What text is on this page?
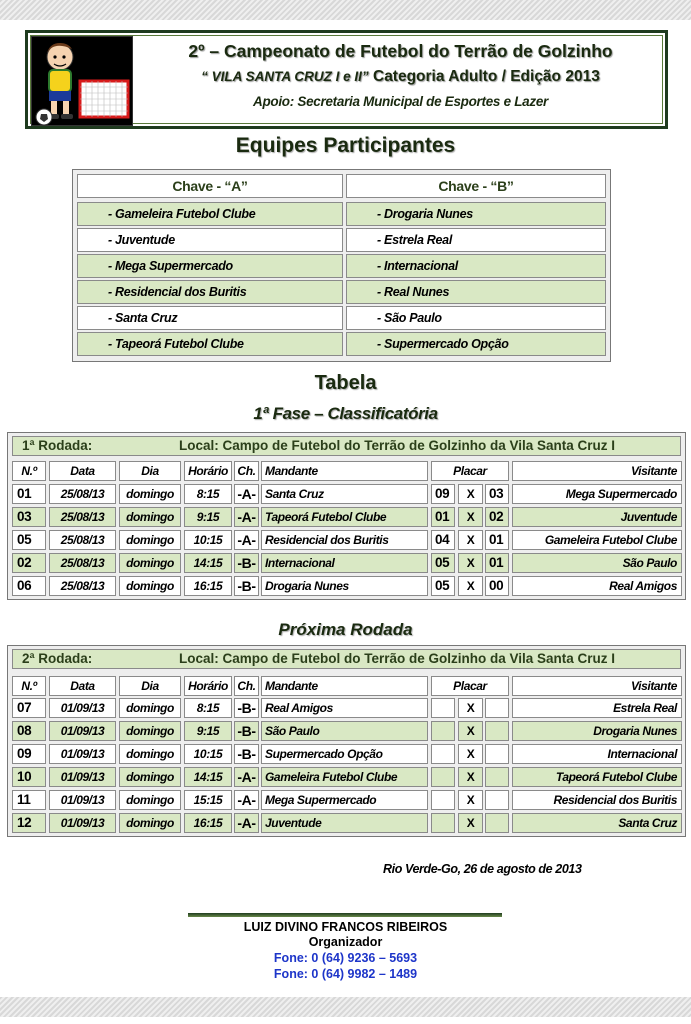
2º – Campeonato de Futebol do Terrão de Golzinho
“ VILA SANTA CRUZ I e II” Categoria Adulto / Edição 2013
Apoio: Secretaria Municipal de Esportes e Lazer
Equipes Participantes
Chave - “A”	Chave - “B”
- Gameleira Futebol Clube	- Drogaria Nunes
- Juventude	- Estrela Real
- Mega Supermercado	- Internacional
- Residencial dos Buritis	- Real Nunes
- Santa Cruz	- São Paulo
- Tapeorá Futebol Clube	- Supermercado Opção
Tabela
1ª Fase – Classificatória
1ª Rodada:	Local: Campo de Futebol do Terrão de Golzinho da Vila Santa Cruz I
N.º	Data	Dia	Horário Ch. Mandante	Placar	Visitante
01	25/08/13	domingo	8:15	-A- Santa Cruz	09	X	03	Mega Supermercado
03	25/08/13	domingo	9:15	-A- Tapeorá Futebol Clube	01	X	02	Juventude
05	25/08/13	domingo	10:15	-A- Residencial dos Buritis	04	X	01	Gameleira Futebol Clube
02	25/08/13	domingo	14:15	-B- Internacional	05	X	01	São Paulo
06	25/08/13	domingo	16:15	-B- Drogaria Nunes	05	X	00	Real Amigos
Próxima Rodada
2ª Rodada:	Local: Campo de Futebol do Terrão de Golzinho da Vila Santa Cruz I
N.º	Data	Dia	Horário Ch. Mandante	Placar	Visitante
07	01/09/13	domingo	8:15	-B- Real Amigos	X	Estrela Real
08	01/09/13	domingo	9:15	-B- São Paulo	X	Drogaria Nunes
09	01/09/13	domingo	10:15	-B- Supermercado Opção	X	Internacional
10	01/09/13	domingo	14:15	-A- Gameleira Futebol Clube	X	Tapeorá Futebol Clube
11	01/09/13	domingo	15:15	-A- Mega Supermercado	X	Residencial dos Buritis
12	01/09/13	domingo	16:15	-A- Juventude	X	Santa Cruz
Rio Verde-Go, 26 de agosto de 2013
LUIZ DIVINO FRANCOS RIBEIROS
Organizador
Fone: 0 (64) 9236 – 5693
Fone: 0 (64) 9982 – 1489
